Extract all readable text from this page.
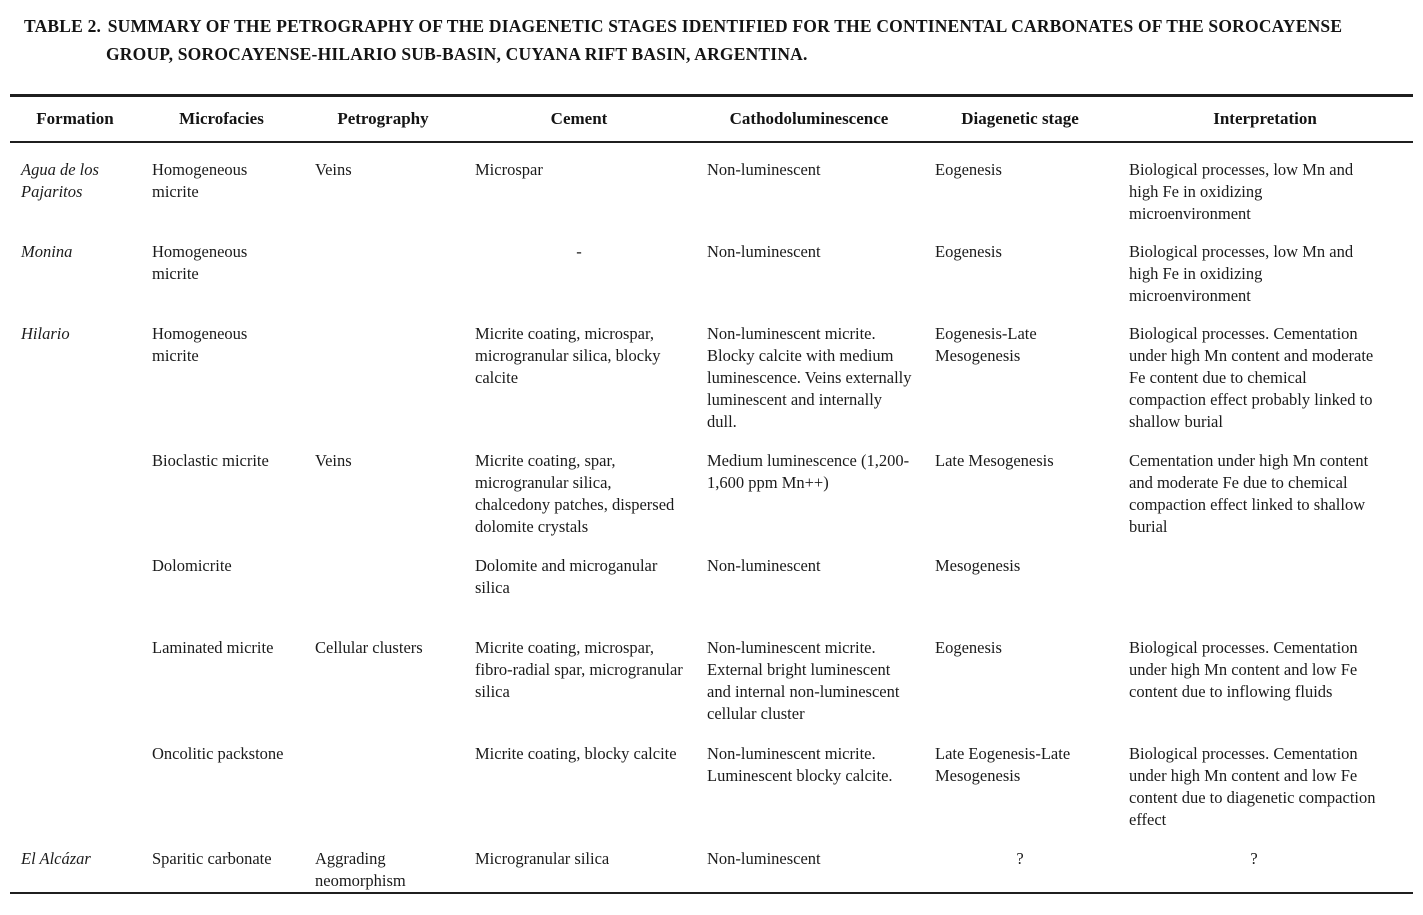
TABLE 2. SUMMARY OF THE PETROGRAPHY OF THE DIAGENETIC STAGES IDENTIFIED FOR THE CONTINENTAL CARBONATES OF THE SOROCAYENSE GROUP, SOROCAYENSE-HILARIO SUB-BASIN, CUYANA RIFT BASIN, ARGENTINA.
Formation	Microfacies	Petrography	Cement	Cathodoluminescence	Diagenetic stage	Interpretation
Agua de los Pajaritos	Homogeneous micrite	Veins	Microspar	Non-luminescent	Eogenesis	Biological processes, low Mn and high Fe in oxidizing microenvironment
Monina	Homogeneous micrite		-	Non-luminescent	Eogenesis	Biological processes, low Mn and high Fe in oxidizing microenvironment
Hilario	Homogeneous micrite		Micrite coating, microspar, microgranular silica, blocky calcite	Non-luminescent micrite. Blocky calcite with medium luminescence. Veins externally luminescent and internally dull.	Eogenesis-Late Mesogenesis	Biological processes. Cementation under high Mn content and moderate Fe content due to chemical compaction effect probably linked to shallow burial
	Bioclastic micrite	Veins	Micrite coating, spar, microgranular silica, chalcedony patches, dispersed dolomite crystals	Medium luminescence (1,200-1,600 ppm Mn++)	Late Mesogenesis	Cementation under high Mn content and moderate Fe due to chemical compaction effect linked to shallow burial
	Dolomicrite		Dolomite and microganular silica	Non-luminescent	Mesogenesis	
	Laminated micrite	Cellular clusters	Micrite coating, microspar, fibro-radial spar, microgranular silica	Non-luminescent micrite. External bright luminescent and internal non-luminescent cellular cluster	Eogenesis	Biological processes. Cementation under high Mn content and low Fe content due to inflowing fluids
	Oncolitic packstone		Micrite coating, blocky calcite	Non-luminescent micrite. Luminescent blocky calcite.	Late Eogenesis-Late Mesogenesis	Biological processes. Cementation under high Mn content and low Fe content due to diagenetic compaction effect
El Alcázar	Sparitic carbonate	Aggrading neomorphism	Microgranular silica	Non-luminescent	?	?
